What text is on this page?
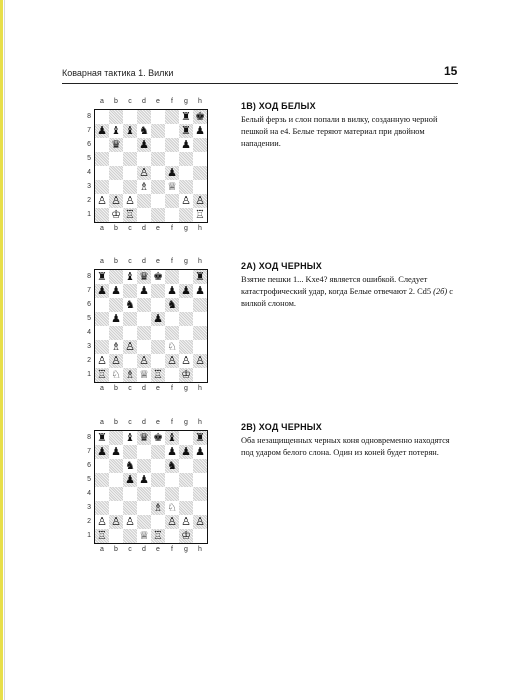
Коварная тактика 1. Вилки	15
a	b	c	d	e	f	g	h
8
7
6
5
4
3
2
1
♜ ♚
♟ ♝ ♝ ♞	♜ ♟
♛ ♟	♟
♙ ♟
♗ ♕
♙ ♙ ♙	♙ ♙
♔ ♖	♖
a	b	c	d	e	f	g	h
1B) ХОД БЕЛЫХ

Белый ферзь и слон попали в вилку, созданную черной пешкой на e4. Белые теряют материал при двойном нападении.

a	b	c	d	e	f	g	h
8
7
6
5
4
3
2
1
♜ ♝ ♛ ♚	♜
♟ ♟ ♟ ♟ ♟ ♟
♞	♞
♟	♟
♗ ♙	♘
♙ ♙ ♙ ♙ ♙ ♙
♖ ♘ ♗ ♕ ♖ ♔
a	b	c	d	e	f	g	h
2A) ХОД ЧЕРНЫХ

Взятие пешки 1... Kxe4? является ошибкой. Следует катастрофический удар, когда Белые отвечают 2. Cd5 (2б) с вилкой слоном.

a	b	c	d	e	f	g	h
8
7
6
5
4
3
2
1
♜ ♝ ♛ ♚ ♝ ♜
♟ ♟	♟ ♟ ♟
♞	♞
♟ ♟
♗ ♘
♙ ♙ ♙	♙ ♙ ♙
♖	♕ ♖ ♔
a	b	c	d	e	f	g	h
2B) ХОД ЧЕРНЫХ

Оба незащищенных черных коня одновременно находятся под ударом белого слона. Один из коней будет потерян.
